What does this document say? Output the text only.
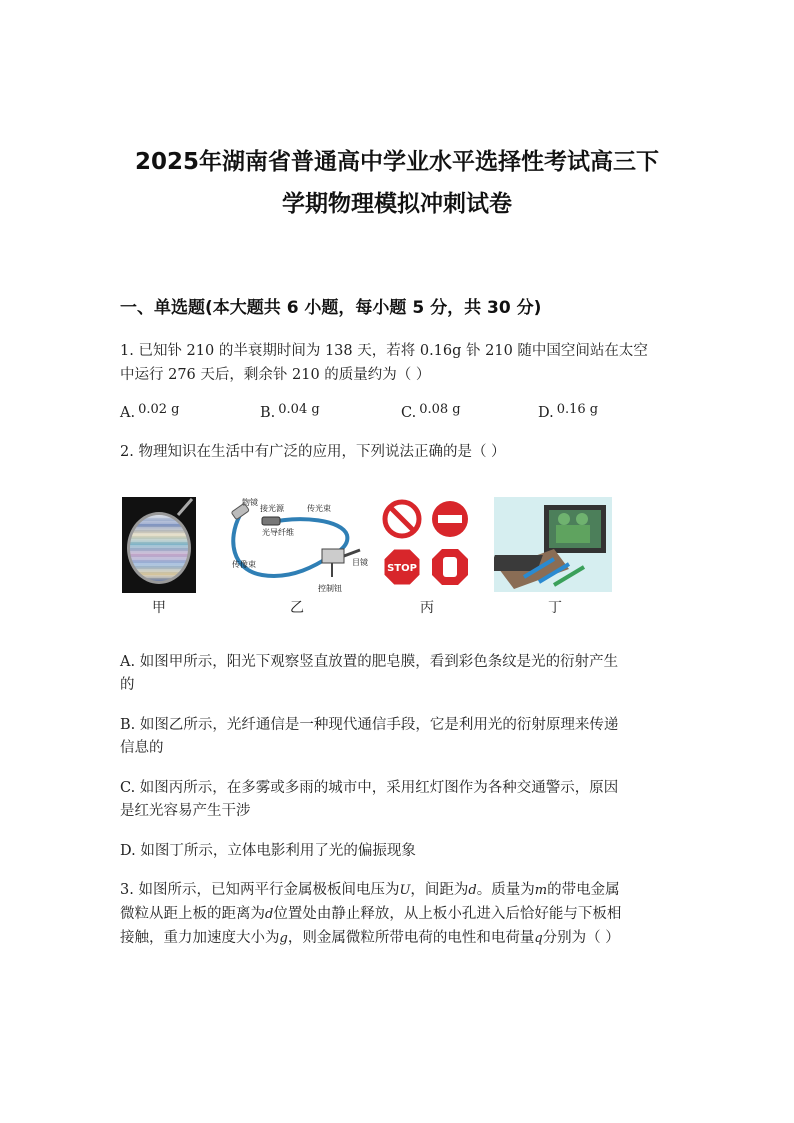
2025年湖南省普通高中学业水平选择性考试高三下
学期物理模拟冲刺试卷
一、单选题(本大题共 6 小题，每小题 5 分，共 30 分)
1. 已知钋 210 的半衰期时间为 138 天，若将 0.16g 钋 210 随中国空间站在太空
中运行 276 天后，剩余钋 210 的质量约为（ ）
A. 0.02 g	B. 0.04 g	C. 0.08 g	D. 0.16 g
2. 物理知识在生活中有广泛的应用，下列说法正确的是（ ）
甲
物镜
接光源	传光束
光导纤维
传像束	目镜
控制钮
乙
STOP
丙	丁
A. 如图甲所示，阳光下观察竖直放置的肥皂膜，看到彩色条纹是光的衍射产生
的
B. 如图乙所示，光纤通信是一种现代通信手段，它是利用光的衍射原理来传递
信息的
C. 如图丙所示，在多雾或多雨的城市中，采用红灯图作为各种交通警示，原因
是红光容易产生干涉
D. 如图丁所示，立体电影利用了光的偏振现象
3. 如图所示，已知两平行金属极板间电压为U，间距为d。质量为m的带电金属
微粒从距上板的距离为d位置处由静止释放，从上板小孔进入后恰好能与下板相
接触，重力加速度大小为g，则金属微粒所带电荷的电性和电荷量q分别为（ ）
